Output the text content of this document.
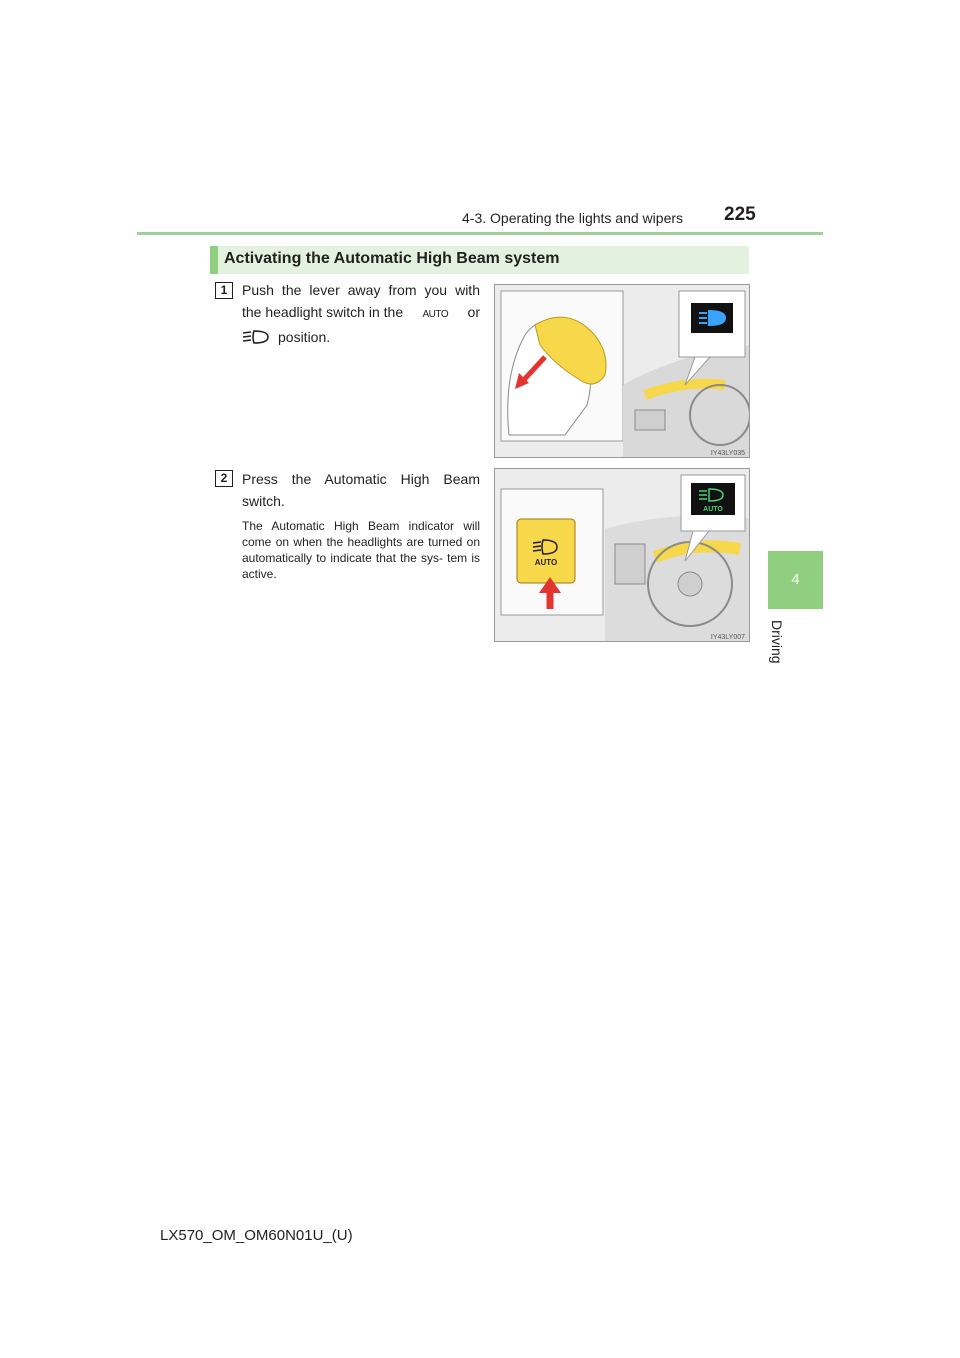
4-3. Operating the lights and wipers 225
4
Driving
Activating the Automatic High Beam system
1	Push the lever away from you with
the headlight switch in the AUTO or
position.
IY43LY035
2	Press the Automatic High Beam
switch.
The Automatic High Beam indicator will come on when the headlights are turned on automatically to indicate that the sys- tem is active.
AUTO
AUTO
IY43LY007
LX570_OM_OM60N01U_(U)
